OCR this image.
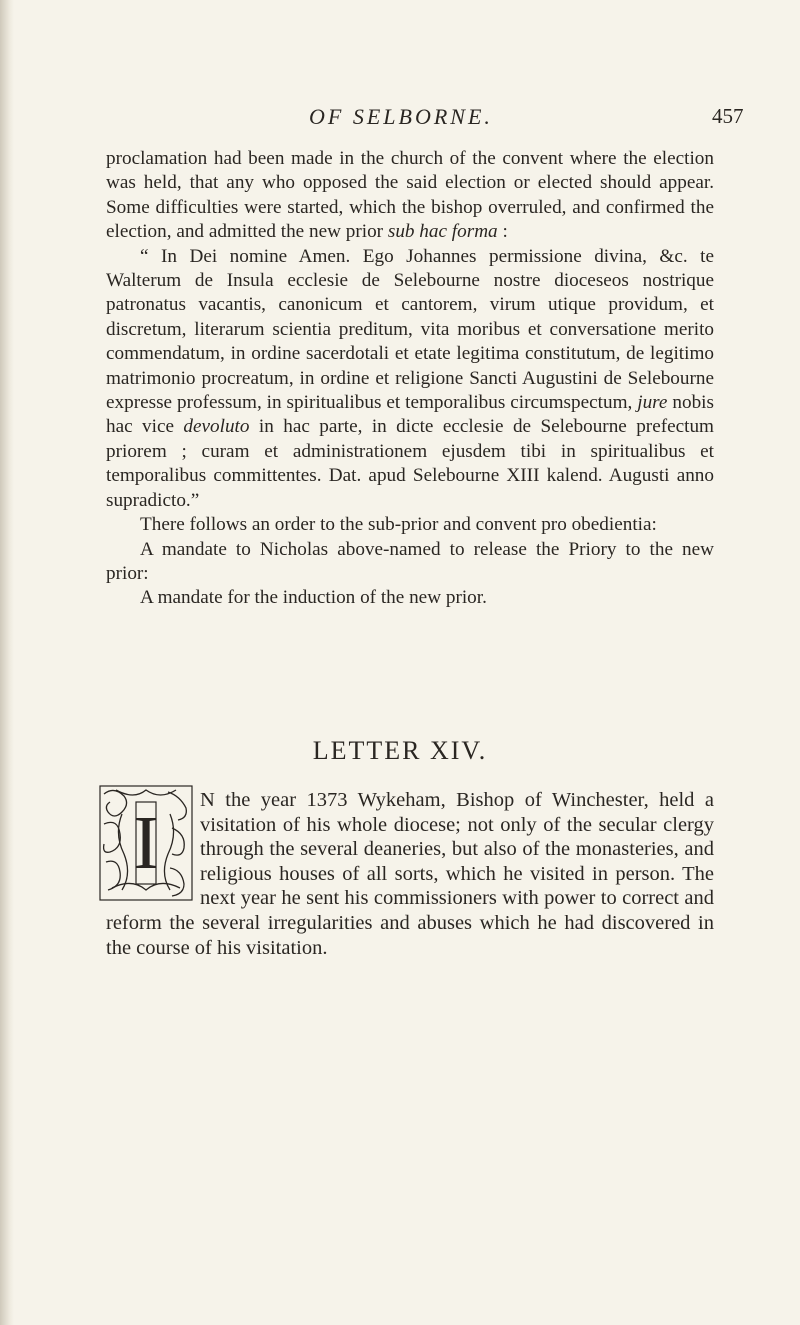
OF SELBORNE.	457

proclamation had been made in the church of the convent where the election was held, that any who opposed the said election or elected should appear. Some difficulties were started, which the bishop overruled, and confirmed the election, and admitted the new prior sub hac forma :

“ In Dei nomine Amen. Ego Johannes permissione divina, &c. te Walterum de Insula ecclesie de Selebourne nostre dioceseos nostrique patronatus vacantis, canonicum et cantorem, virum utique providum, et discretum, literarum scientia preditum, vita moribus et conversatione merito commendatum, in ordine sacerdotali et etate legitima constitutum, de legitimo matrimonio procreatum, in ordine et religione Sancti Augustini de Selebourne expresse professum, in spiritualibus et temporalibus circumspectum, jure nobis hac vice devoluto in hac parte, in dicte ecclesie de Selebourne prefectum priorem ; curam et administrationem ejusdem tibi in spiritualibus et temporalibus committentes. Dat. apud Selebourne XIII kalend. Augusti anno supradicto.”

There follows an order to the sub-prior and convent pro obedientia:

A mandate to Nicholas above-named to release the Priory to the new prior:

A mandate for the induction of the new prior.

LETTER XIV.
I

N the year 1373 Wykeham, Bishop of Winchester, held a visitation of his whole diocese; not only of the secular clergy through the several deaneries, but also of the monasteries, and religious houses of all sorts, which he visited in person. The next year he sent his commissioners with power to correct and reform the several irregularities and abuses which he had discovered in the course of his visitation.
